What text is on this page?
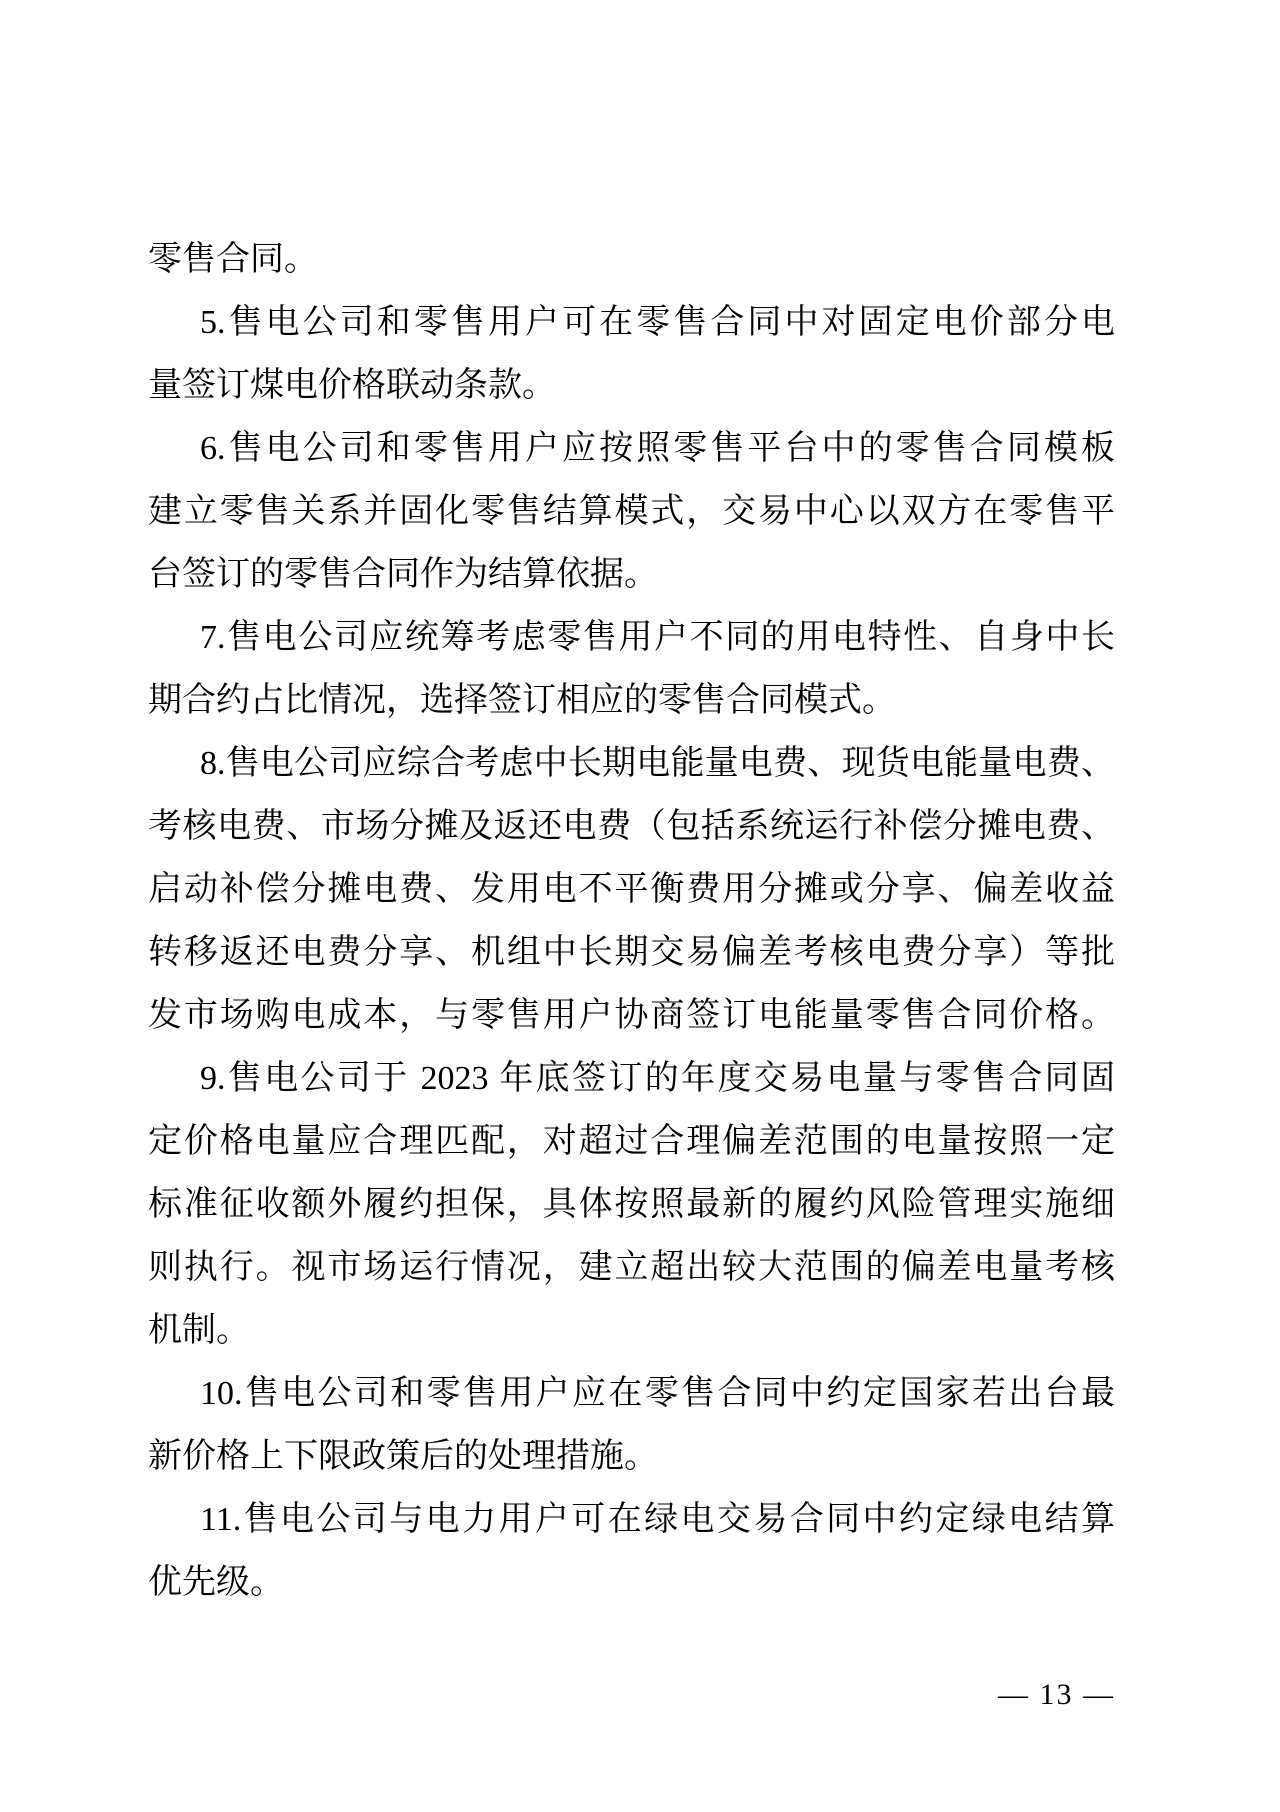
零售合同。
5.售电公司和零售用户可在零售合同中对固定电价部分电
量签订煤电价格联动条款。
6.售电公司和零售用户应按照零售平台中的零售合同模板
建立零售关系并固化零售结算模式，交易中心以双方在零售平
台签订的零售合同作为结算依据。
7.售电公司应统筹考虑零售用户不同的用电特性、自身中长
期合约占比情况，选择签订相应的零售合同模式。
8.售电公司应综合考虑中长期电能量电费、现货电能量电费、
考核电费、市场分摊及返还电费（包括系统运行补偿分摊电费、
启动补偿分摊电费、发用电不平衡费用分摊或分享、偏差收益
转移返还电费分享、机组中长期交易偏差考核电费分享）等批
发市场购电成本，与零售用户协商签订电能量零售合同价格。
9.售电公司于 2023 年底签订的年度交易电量与零售合同固
定价格电量应合理匹配，对超过合理偏差范围的电量按照一定
标准征收额外履约担保，具体按照最新的履约风险管理实施细
则执行。视市场运行情况，建立超出较大范围的偏差电量考核
机制。
10.售电公司和零售用户应在零售合同中约定国家若出台最
新价格上下限政策后的处理措施。
11.售电公司与电力用户可在绿电交易合同中约定绿电结算
优先级。
— 13 —
